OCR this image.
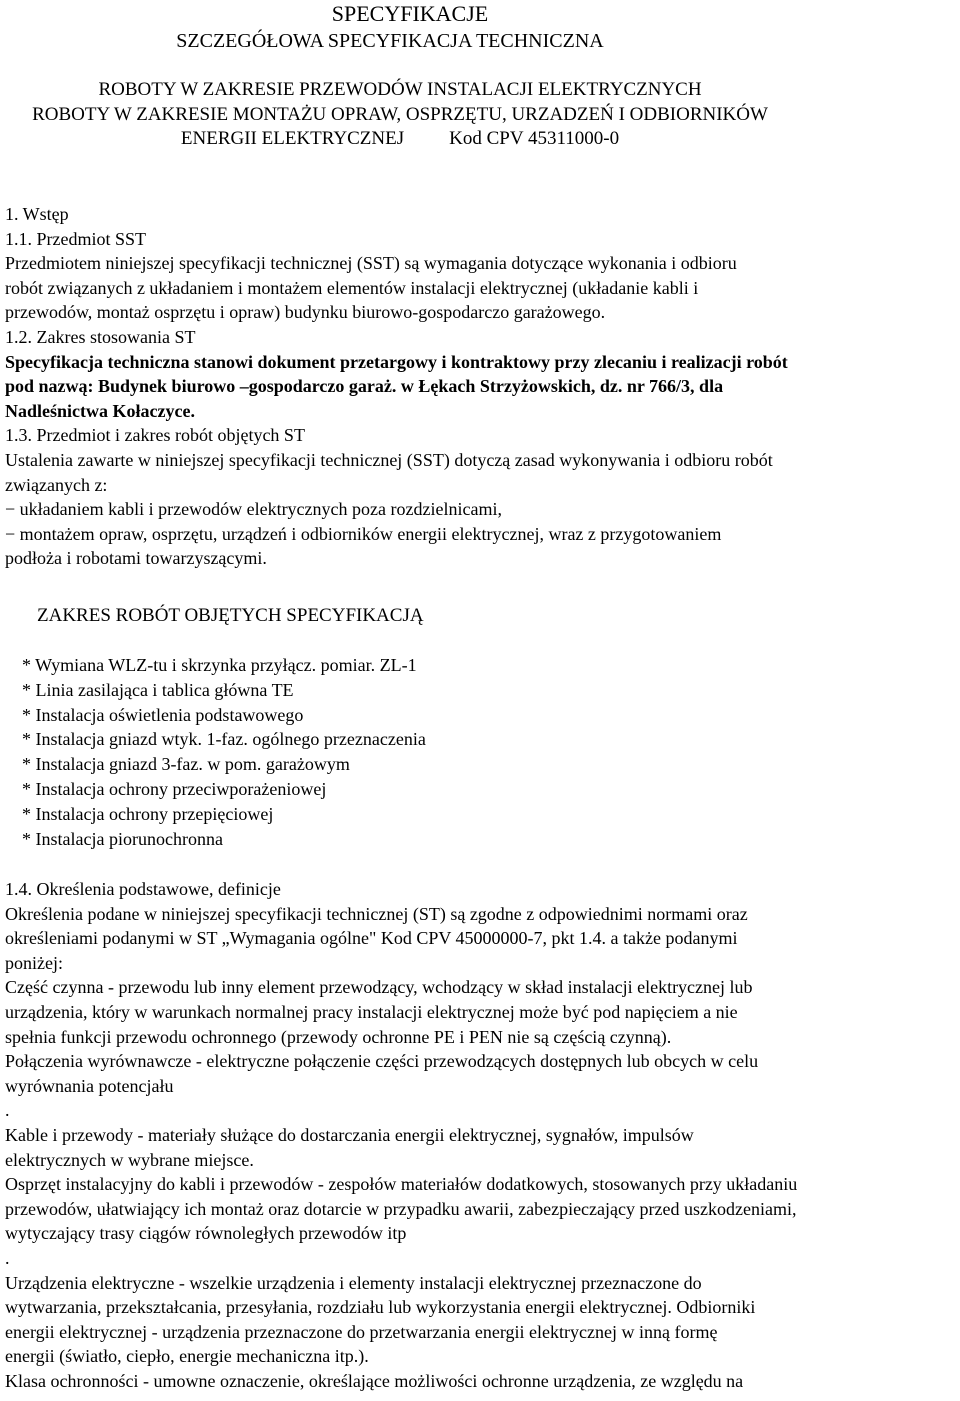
SPECYFIKACJE
SZCZEGÓŁOWA SPECYFIKACJA TECHNICZNA
ROBOTY W ZAKRESIE PRZEWODÓW INSTALACJI ELEKTRYCZNYCH
ROBOTY W ZAKRESIE MONTAŻU OPRAW, OSPRZĘTU, URZADZEŃ I ODBIORNIKÓW
ENERGII ELEKTRYCZNEJ Kod CPV 45311000-0
1. Wstęp
1.1. Przedmiot SST
Przedmiotem niniejszej specyfikacji technicznej (SST) są wymagania dotyczące wykonania i odbioru
robót związanych z układaniem i montażem elementów instalacji elektrycznej (układanie kabli i
przewodów, montaż osprzętu i opraw) budynku biurowo-gospodarczo garażowego.
1.2. Zakres stosowania ST
Specyfikacja techniczna stanowi dokument przetargowy i kontraktowy przy zlecaniu i realizacji robót
pod nazwą: Budynek biurowo –gospodarczo garaż. w Łękach Strzyżowskich, dz. nr 766/3, dla
Nadleśnictwa Kołaczyce.
1.3. Przedmiot i zakres robót objętych ST
Ustalenia zawarte w niniejszej specyfikacji technicznej (SST) dotyczą zasad wykonywania i odbioru robót
związanych z:
− układaniem kabli i przewodów elektrycznych poza rozdzielnicami,
− montażem opraw, osprzętu, urządzeń i odbiorników energii elektrycznej, wraz z przygotowaniem
podłoża i robotami towarzyszącymi.
ZAKRES ROBÓT OBJĘTYCH SPECYFIKACJĄ
* Wymiana WLZ-tu i skrzynka przyłącz. pomiar. ZL-1
* Linia zasilająca i tablica główna TE
* Instalacja oświetlenia podstawowego
* Instalacja gniazd wtyk. 1-faz. ogólnego przeznaczenia
* Instalacja gniazd 3-faz. w pom. garażowym
* Instalacja ochrony przeciwporażeniowej
* Instalacja ochrony przepięciowej
* Instalacja piorunochronna
1.4. Określenia podstawowe, definicje
Określenia podane w niniejszej specyfikacji technicznej (ST) są zgodne z odpowiednimi normami oraz
określeniami podanymi w ST „Wymagania ogólne" Kod CPV 45000000-7, pkt 1.4. a także podanymi
poniżej:
Część czynna - przewodu lub inny element przewodzący, wchodzący w skład instalacji elektrycznej lub
urządzenia, który w warunkach normalnej pracy instalacji elektrycznej może być pod napięciem a nie
spełnia funkcji przewodu ochronnego (przewody ochronne PE i PEN nie są częścią czynną).
Połączenia wyrównawcze - elektryczne połączenie części przewodzących dostępnych lub obcych w celu
wyrównania potencjału
.
Kable i przewody - materiały służące do dostarczania energii elektrycznej, sygnałów, impulsów
elektrycznych w wybrane miejsce.
Osprzęt instalacyjny do kabli i przewodów - zespołów materiałów dodatkowych, stosowanych przy układaniu
przewodów, ułatwiający ich montaż oraz dotarcie w przypadku awarii, zabezpieczający przed uszkodzeniami,
wytyczający trasy ciągów równoległych przewodów itp
.
Urządzenia elektryczne - wszelkie urządzenia i elementy instalacji elektrycznej przeznaczone do
wytwarzania, przekształcania, przesyłania, rozdziału lub wykorzystania energii elektrycznej. Odbiorniki
energii elektrycznej - urządzenia przeznaczone do przetwarzania energii elektrycznej w inną formę
energii (światło, ciepło, energie mechaniczna itp.).
Klasa ochronności - umowne oznaczenie, określające możliwości ochronne urządzenia, ze względu na
